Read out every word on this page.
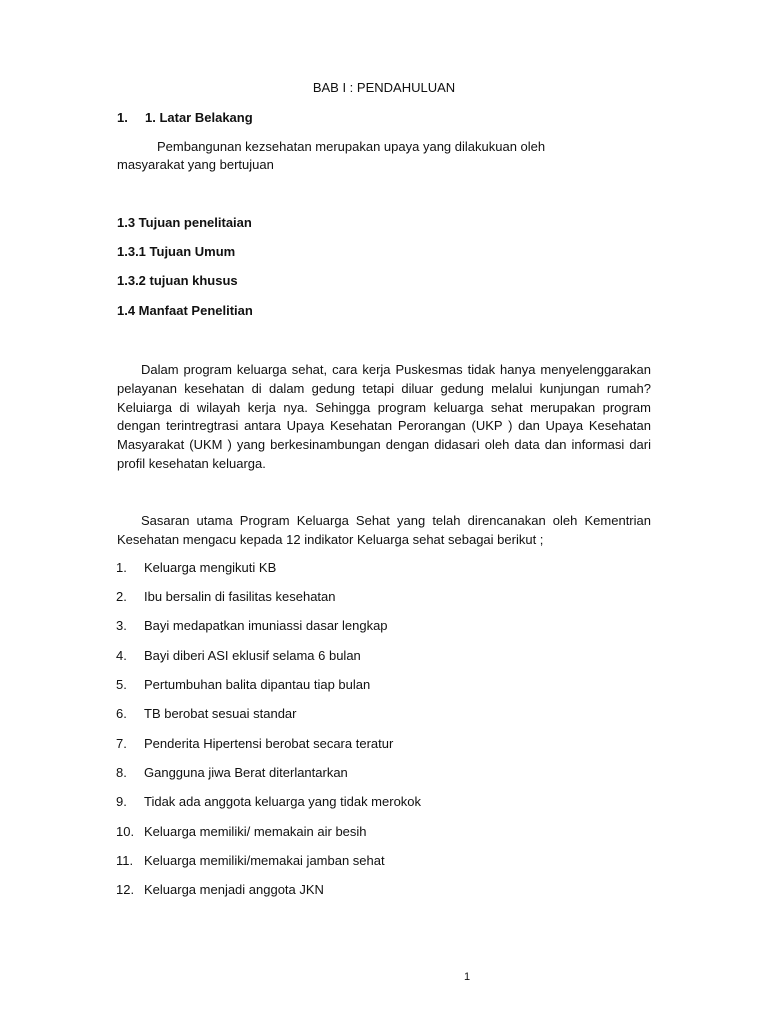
BAB I : PENDAHULUAN

1. 1. Latar Belakang

Pembangunan kezsehatan merupakan upaya yang dilakukuan oleh

masyarakat yang bertujuan

1.3 Tujuan penelitaian

1.3.1 Tujuan Umum

1.3.2 tujuan khusus

1.4 Manfaat Penelitian

Dalam program keluarga sehat, cara kerja Puskesmas tidak hanya menyelenggarakan pelayanan kesehatan di dalam gedung tetapi diluar gedung melalui kunjungan rumah? Keluiarga di wilayah kerja nya. Sehingga program keluarga sehat merupakan program dengan terintregtrasi antara Upaya Kesehatan Perorangan (UKP ) dan Upaya Kesehatan Masyarakat (UKM ) yang berkesinambungan dengan didasari oleh data dan informasi dari profil kesehatan keluarga.

Sasaran utama Program Keluarga Sehat yang telah direncanakan oleh Kementrian Kesehatan mengacu kepada 12 indikator Keluarga sehat sebagai berikut ;

1.	Keluarga mengikuti KB
2.	Ibu bersalin di fasilitas kesehatan
3.	Bayi medapatkan imuniassi dasar lengkap
4.	Bayi diberi ASI eklusif selama 6 bulan
5.	Pertumbuhan balita dipantau tiap bulan
6.	TB berobat sesuai standar
7.	Penderita Hipertensi berobat secara teratur
8.	Gangguna jiwa Berat diterlantarkan
9.	Tidak ada anggota keluarga yang tidak merokok
10. Keluarga memiliki/ memakain air besih
11. Keluarga memiliki/memakai jamban sehat
12. Keluarga menjadi anggota JKN

1
